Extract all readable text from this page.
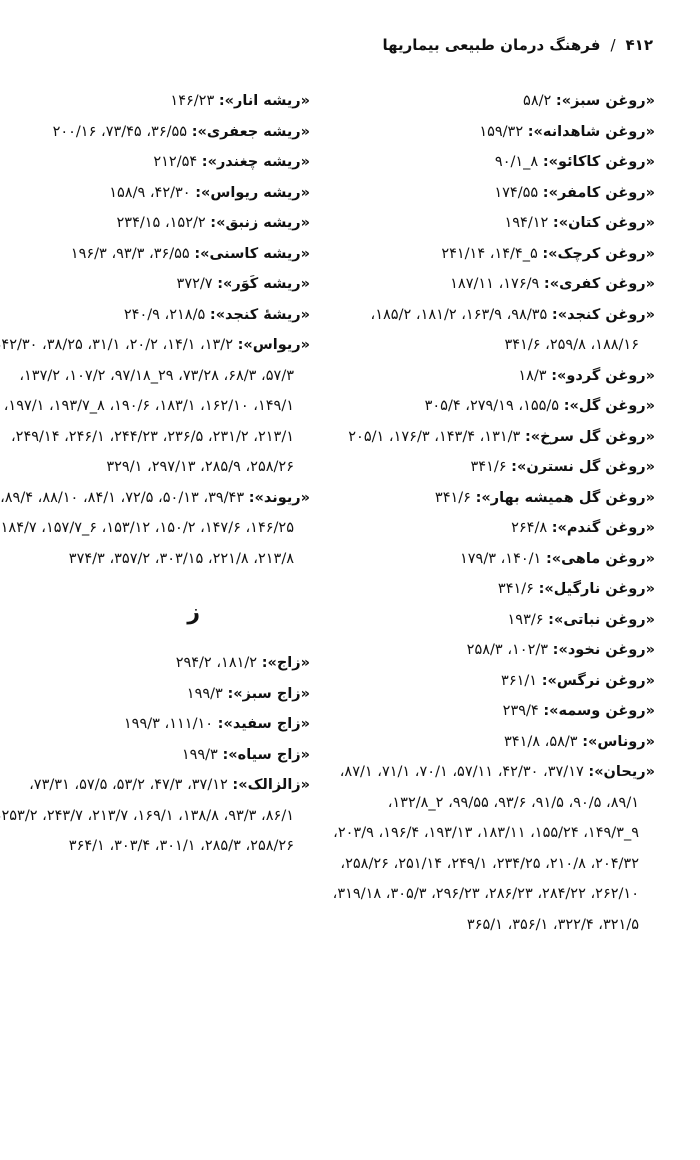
۴۱۲/فرهنگ درمان طبیعی بیماریها
«روغن سبز»: ۵۸/۲
«روغن شاهدانه»: ۱۵۹/۳۲
«روغن کاکائو»: ۸_۹۰/۱
«روغن کامفر»: ۱۷۴/۵۵
«روغن کتان»: ۱۹۴/۱۲
«روغن کرچک»: ۵_۱۴/۴، ۲۴۱/۱۴
«روغن کفری»: ۱۷۶/۹، ۱۸۷/۱۱
«روغن کنجد»: ۹۸/۳۵، ۱۶۳/۹، ۱۸۱/۲، ۱۸۵/۲، ۱۸۸/۱۶، ۲۵۹/۸، ۳۴۱/۶
«روغن گردو»: ۱۸/۳
«روغن گل»: ۱۵۵/۵، ۲۷۹/۱۹، ۳۰۵/۴
«روغن گل سرخ»: ۱۳۱/۳، ۱۴۳/۴، ۱۷۶/۳، ۲۰۵/۱
«روغن گل نسترن»: ۳۴۱/۶
«روغن گل همیشه بهار»: ۳۴۱/۶
«روغن گندم»: ۲۶۴/۸
«روغن ماهی»: ۱۴۰/۱، ۱۷۹/۳
«روغن نارگیل»: ۳۴۱/۶
«روغن نباتی»: ۱۹۳/۶
«روغن نخود»: ۱۰۲/۳، ۲۵۸/۳
«روغن نرگس»: ۳۶۱/۱
«روغن وسمه»: ۲۳۹/۴
«روناس»: ۵۸/۳، ۳۴۱/۸
«ریحان»: ۳۷/۱۷، ۴۲/۳۰، ۵۷/۱۱، ۷۰/۱، ۷۱/۱، ۸۷/۱، ۸۹/۱، ۹۰/۵، ۹۱/۵، ۹۳/۶، ۹۹/۵۵، ۲_۱۳۲/۸، ۹_۱۴۹/۳، ۱۵۵/۲۴، ۱۸۳/۱۱، ۱۹۳/۱۳، ۱۹۶/۴، ۲۰۳/۹، ۲۰۴/۳۲، ۲۱۰/۸، ۲۳۴/۲۵، ۲۴۹/۱، ۲۵۱/۱۴، ۲۵۸/۲۶، ۲۶۲/۱۰، ۲۸۴/۲۲، ۲۸۶/۲۳، ۲۹۶/۲۳، ۳۰۵/۳، ۳۱۹/۱۸، ۳۲۱/۵، ۳۲۲/۴، ۳۵۶/۱، ۳۶۵/۱
«ریشه انار»: ۱۴۶/۲۳
«ریشه جعفری»: ۳۶/۵۵، ۷۳/۴۵، ۲۰۰/۱۶
«ریشه چغندر»: ۲۱۲/۵۴
«ریشه ریواس»: ۴۲/۳۰، ۱۵۸/۹
«ریشه زنبق»: ۱۵۲/۲، ۲۳۴/۱۵
«ریشه کاسنی»: ۳۶/۵۵، ۹۳/۳، ۱۹۶/۳
«ریشه کَوَر»: ۳۷۲/۷
«ریشهٔ کنجد»: ۲۱۸/۵، ۲۴۰/۹
«ریواس»: ۱۳/۲، ۱۴/۱، ۲۰/۲، ۳۱/۱، ۳۸/۲۵، ۴۲/۳۰ ۵۷/۳، ۶۸/۳، ۷۳/۲۸، ۲۹_۹۷/۱۸، ۱۰۷/۲، ۱۳۷/۲، ۱۴۹/۱، ۱۶۲/۱۰، ۱۸۳/۱، ۱۹۰/۶، ۸_۱۹۳/۷، ۱۹۷/۱، ۲۱۳/۱، ۲۳۱/۲، ۲۳۶/۵، ۲۴۴/۲۳، ۲۴۶/۱، ۲۴۹/۱۴، ۲۵۸/۲۶، ۲۸۵/۹، ۲۹۷/۱۳، ۳۲۹/۱
«ریوند»: ۳۹/۴۳، ۵۰/۱۳، ۷۲/۵، ۸۴/۱، ۸۸/۱۰، ۸۹/۴، ۱۴۶/۲۵، ۱۴۷/۶، ۱۵۰/۲، ۱۵۳/۱۲، ۶_۱۵۷/۷، ۱۸۴/۷ ۲۱۳/۸، ۲۲۱/۸، ۳۰۳/۱۵، ۳۵۷/۲، ۳۷۴/۳
ز
«زاج»: ۱۸۱/۲، ۲۹۴/۲
«زاج سبز»: ۱۹۹/۳
«زاج سفید»: ۱۱۱/۱۰، ۱۹۹/۳
«زاج سیاه»: ۱۹۹/۳
«زالزالک»: ۳۷/۱۲، ۴۷/۳، ۵۳/۲، ۵۷/۵، ۷۳/۳۱، ۸۶/۱، ۹۳/۳، ۱۳۸/۸، ۱۶۹/۱، ۲۱۳/۷، ۲۴۳/۷، ۲۵۳/۲ ۲۵۸/۲۶، ۲۸۵/۳، ۳۰۱/۱، ۳۰۳/۴، ۳۶۴/۱
